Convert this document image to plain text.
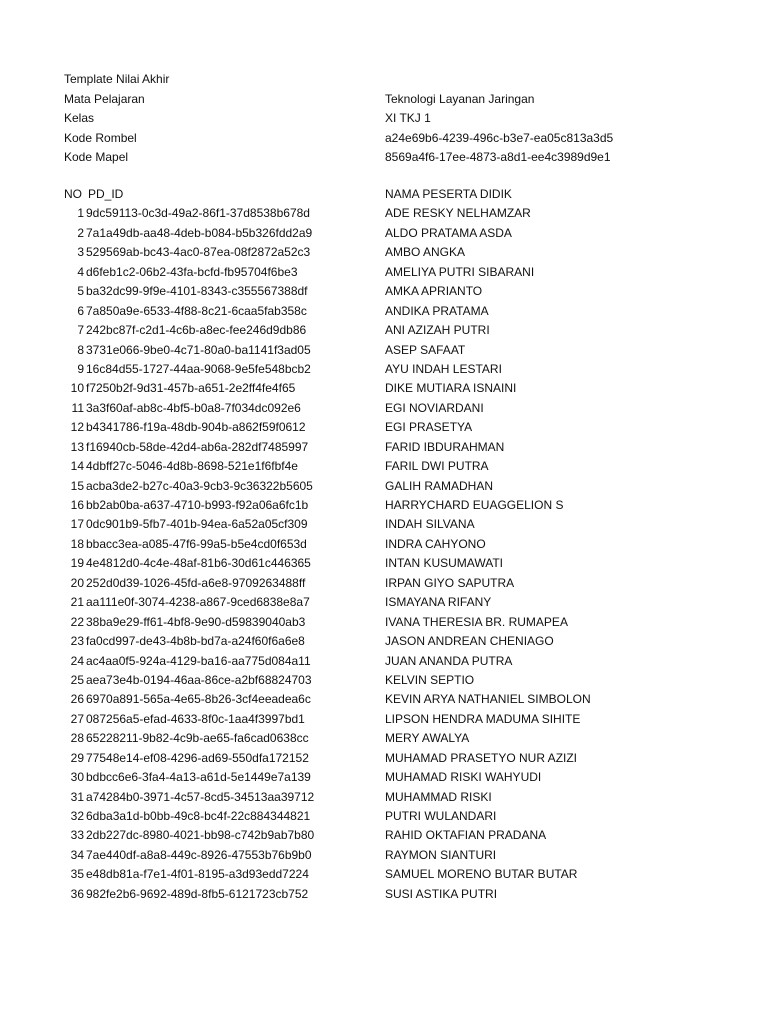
Template Nilai Akhir
Mata Pelajaran	Teknologi Layanan Jaringan
Kelas	XI TKJ 1
Kode Rombel	a24e69b6-4239-496c-b3e7-ea05c813a3d5
Kode Mapel	8569a4f6-17ee-4873-a8d1-ee4c3989d9e1
NO PD_ID	NAMA PESERTA DIDIK
1 9dc59113-0c3d-49a2-86f1-37d8538b678d	ADE RESKY NELHAMZAR
2 7a1a49db-aa48-4deb-b084-b5b326fdd2a9	ALDO PRATAMA ASDA
3 529569ab-bc43-4ac0-87ea-08f2872a52c3	AMBO ANGKA
4 d6feb1c2-06b2-43fa-bcfd-fb95704f6be3	AMELIYA PUTRI SIBARANI
5 ba32dc99-9f9e-4101-8343-c355567388df	AMKA APRIANTO
6 7a850a9e-6533-4f88-8c21-6caa5fab358c	ANDIKA PRATAMA
7 242bc87f-c2d1-4c6b-a8ec-fee246d9db86	ANI AZIZAH PUTRI
8 3731e066-9be0-4c71-80a0-ba1141f3ad05	ASEP SAFAAT
9 16c84d55-1727-44aa-9068-9e5fe548bcb2	AYU INDAH LESTARI
10 f7250b2f-9d31-457b-a651-2e2ff4fe4f65	DIKE MUTIARA ISNAINI
11 3a3f60af-ab8c-4bf5-b0a8-7f034dc092e6	EGI NOVIARDANI
12 b4341786-f19a-48db-904b-a862f59f0612	EGI PRASETYA
13 f16940cb-58de-42d4-ab6a-282df7485997	FARID IBDURAHMAN
14 4dbff27c-5046-4d8b-8698-521e1f6fbf4e	FARIL DWI PUTRA
15 acba3de2-b27c-40a3-9cb3-9c36322b5605	GALIH RAMADHAN
16 bb2ab0ba-a637-4710-b993-f92a06a6fc1b	HARRYCHARD EUAGGELION S
17 0dc901b9-5fb7-401b-94ea-6a52a05cf309	INDAH SILVANA
18 bbacc3ea-a085-47f6-99a5-b5e4cd0f653d	INDRA CAHYONO
19 4e4812d0-4c4e-48af-81b6-30d61c446365	INTAN KUSUMAWATI
20 252d0d39-1026-45fd-a6e8-9709263488ff	IRPAN GIYO SAPUTRA
21 aa111e0f-3074-4238-a867-9ced6838e8a7	ISMAYANA RIFANY
22 38ba9e29-ff61-4bf8-9e90-d59839040ab3	IVANA THERESIA BR. RUMAPEA
23 fa0cd997-de43-4b8b-bd7a-a24f60f6a6e8	JASON ANDREAN CHENIAGO
24 ac4aa0f5-924a-4129-ba16-aa775d084a11	JUAN ANANDA PUTRA
25 aea73e4b-0194-46aa-86ce-a2bf68824703	KELVIN SEPTIO
26 6970a891-565a-4e65-8b26-3cf4eeadea6c	KEVIN ARYA NATHANIEL SIMBOLON
27 087256a5-efad-4633-8f0c-1aa4f3997bd1	LIPSON HENDRA MADUMA SIHITE
28 65228211-9b82-4c9b-ae65-fa6cad0638cc	MERY AWALYA
29 77548e14-ef08-4296-ad69-550dfa172152	MUHAMAD PRASETYO NUR AZIZI
30 bdbcc6e6-3fa4-4a13-a61d-5e1449e7a139	MUHAMAD RISKI WAHYUDI
31 a74284b0-3971-4c57-8cd5-34513aa39712	MUHAMMAD RISKI
32 6dba3a1d-b0bb-49c8-bc4f-22c884344821	PUTRI WULANDARI
33 2db227dc-8980-4021-bb98-c742b9ab7b80	RAHID OKTAFIAN PRADANA
34 7ae440df-a8a8-449c-8926-47553b76b9b0	RAYMON SIANTURI
35 e48db81a-f7e1-4f01-8195-a3d93edd7224	SAMUEL MORENO BUTAR BUTAR
36 982fe2b6-9692-489d-8fb5-6121723cb752	SUSI ASTIKA PUTRI
